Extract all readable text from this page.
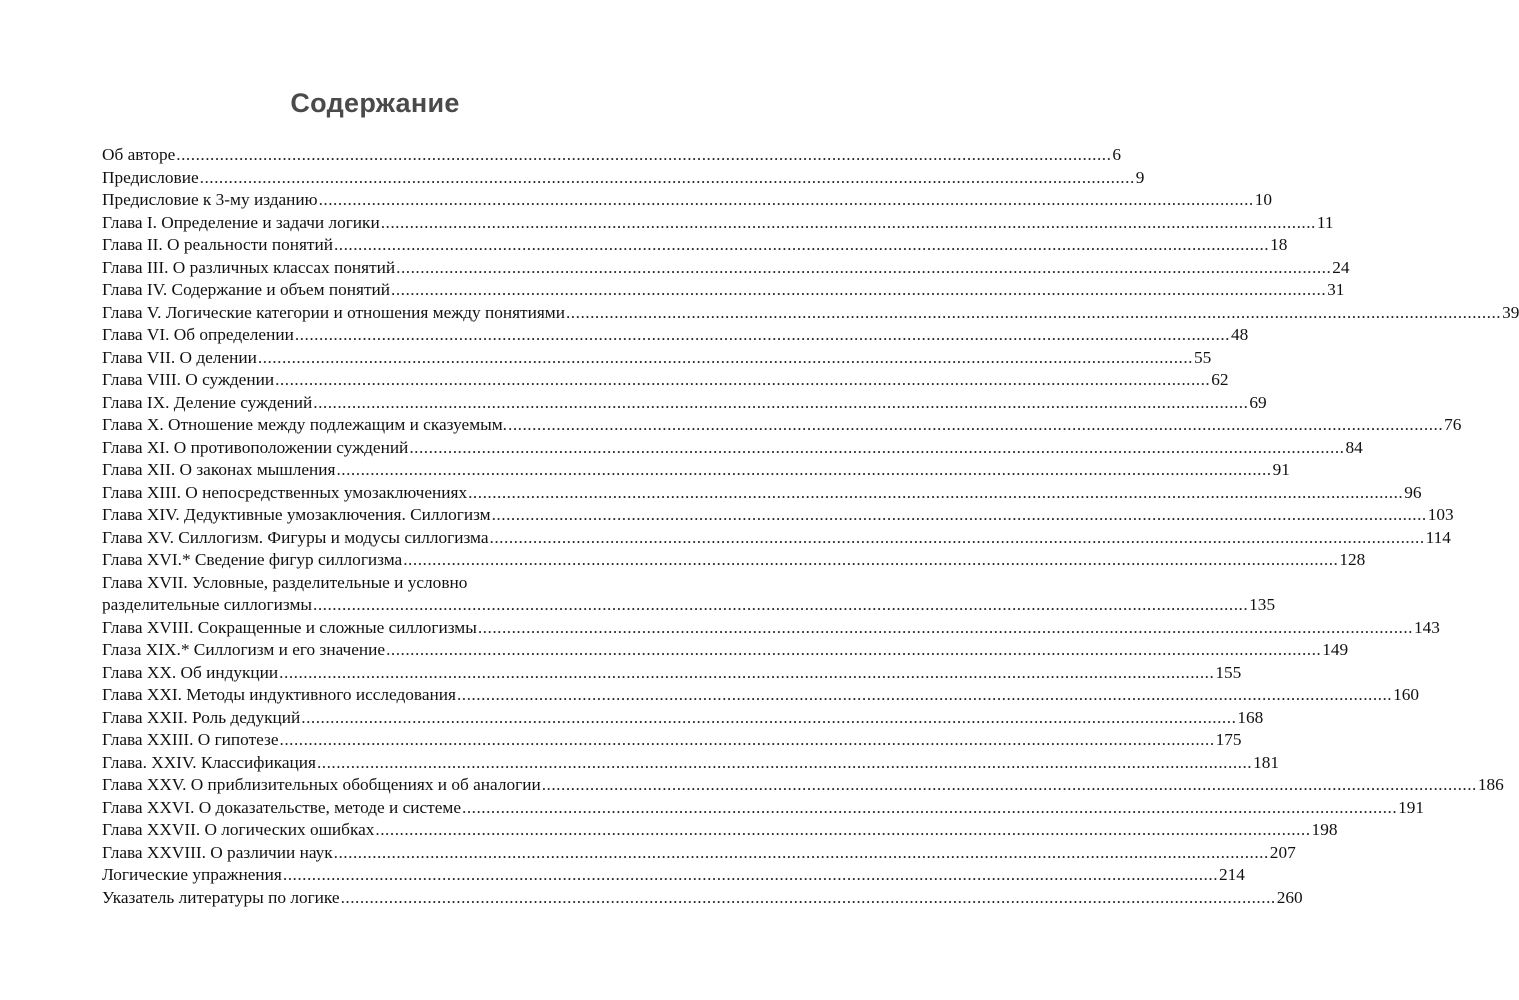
Содержание
Об авторе .....	6
Предисловие .....	9
Предисловие к 3-му изданию .....	10
Глава I. Определение и задачи логики .....	11
Глава II. О реальности понятий .....	18
Глава III. О различных классах понятий .....	24
Глава IV. Содержание и объем понятий .....	31
Глава V. Логические категории и отношения между понятиями .....	39
Глава VI. Об определении .....	48
Глава VII. О делении .....	55
Глава VIII. О суждении .....	62
Глава IX. Деление суждений .....	69
Глава X. Отношение между подлежащим и сказуемым. .....	76
Глава XI. О противоположении суждений .....	84
Глава XII. О законах мышления .....	91
Глава XIII. О непосредственных умозаключениях .....	96
Глава XIV. Дедуктивные умозаключения. Силлогизм .....	103
Глава XV. Силлогизм. Фигуры и модусы силлогизма .....	114
Глава XVI.* Сведение фигур силлогизма .....	128
Глава XVII. Условные, разделительные и условно
разделительные силлогизмы .....	135
Глава XVIII. Сокращенные и сложные силлогизмы .....	143
Глаза XIX.* Силлогизм и его значение .....	149
Глава XX. Об индукции .....	155
Глава XXI. Методы индуктивного исследования .....	160
Глава XXII. Роль дедукций .....	168
Глава XXIII. О гипотезе .....	175
Глава. XXIV. Классификация .....	181
Глава XXV. О приблизительных обобщениях и об аналогии .....	186
Глава XXVI. О доказательстве, методе и системе .....	191
Глава XXVII. О логических ошибках .....	198
Глава XXVIII. О различии наук .....	207
Логические упражнения .....	214
Указатель литературы по логике .....	260
